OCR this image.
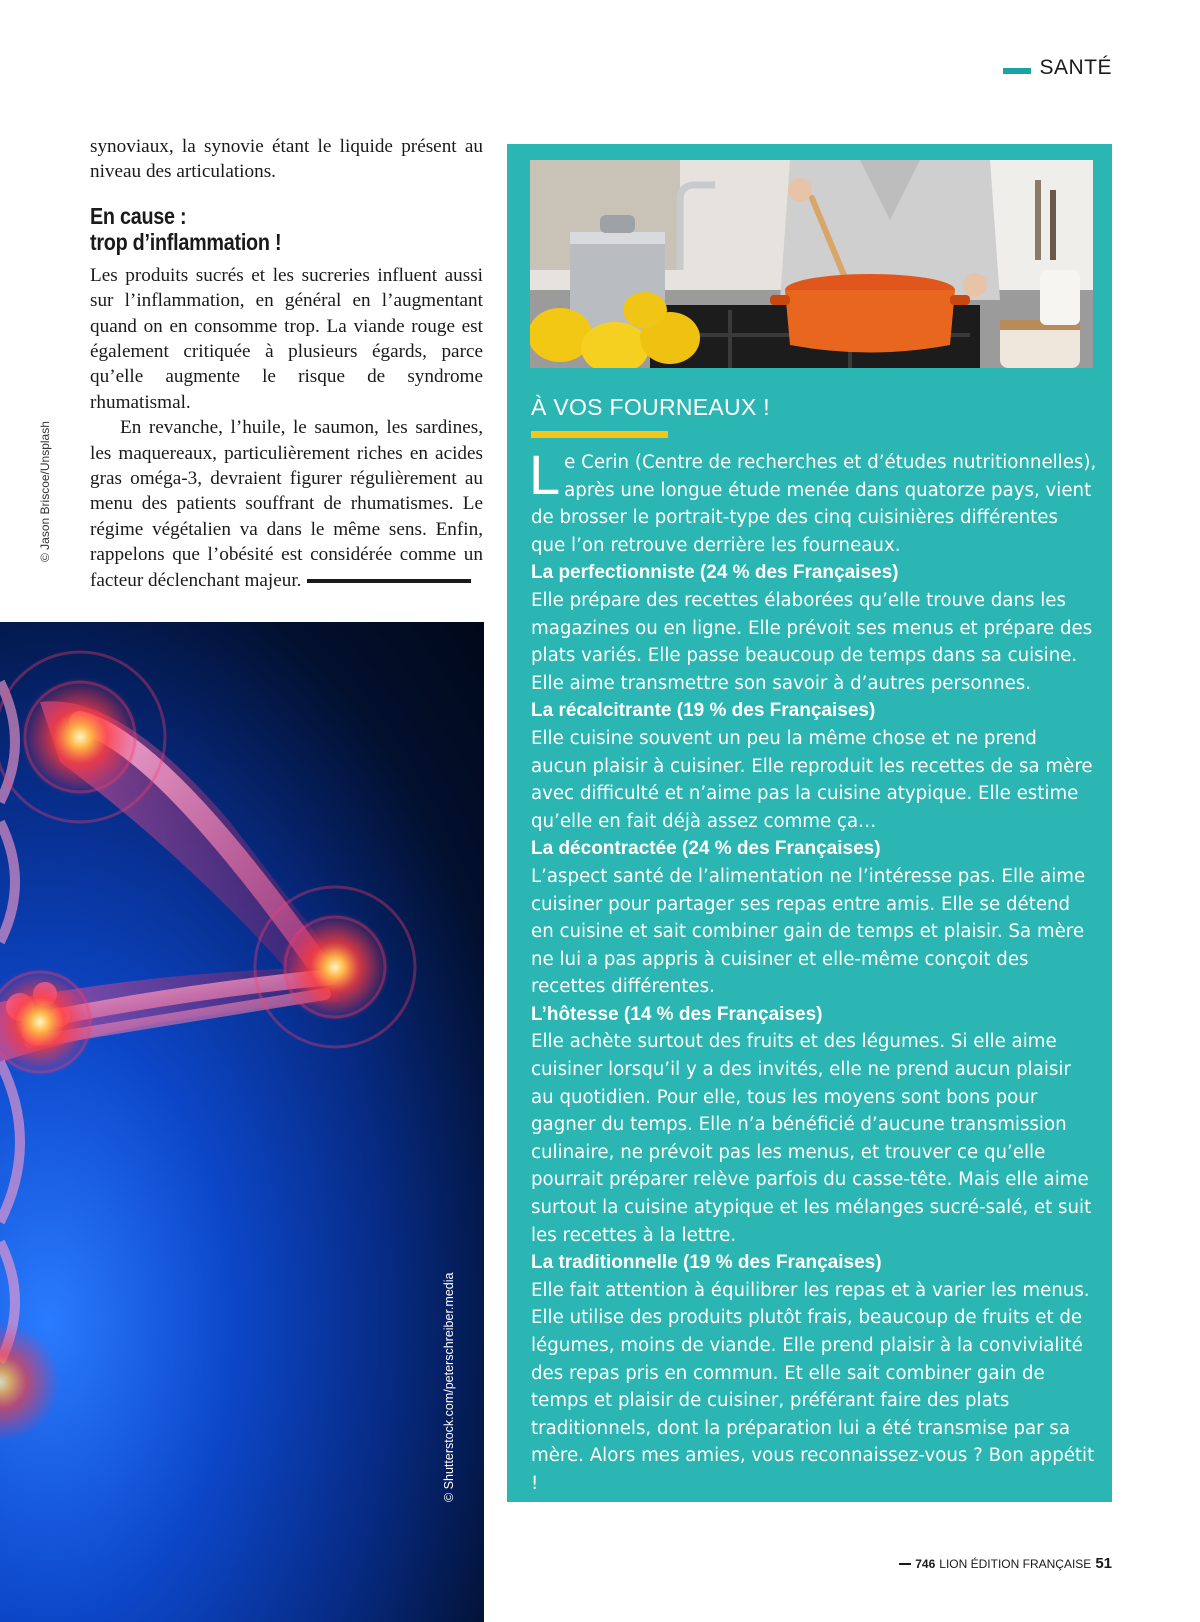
SANTÉ
© Jason Briscoe/Unsplash

synoviaux, la synovie étant le liquide présent au niveau des articulations.

En cause :
trop d’inflammation !

Les produits sucrés et les sucreries influent aussi sur l’inflammation, en général en l’augmentant quand on en consomme trop. La viande rouge est également critiquée à plusieurs égards, parce qu’elle augmente le risque de syndrome rhumatismal.

En revanche, l’huile, le saumon, les sardines, les maquereaux, particulièrement riches en acides gras oméga-3, devraient figurer régulièrement au menu des patients souffrant de rhumatismes. Le régime végétalien va dans le même sens. Enfin, rappelons que l’obésité est considérée comme un facteur déclenchant majeur.

© Shutterstock.com/peterschreiber.media
À VOS FOURNEAUX !
L e Cerin (Centre de recherches et d’études nutritionnelles), après une longue étude menée dans quatorze pays, vient de brosser le portrait-type des cinq cuisinières différentes que l’on retrouve derrière les fourneaux.
La perfectionniste (24 % des Françaises)
Elle prépare des recettes élaborées qu’elle trouve dans les magazines ou en ligne. Elle prévoit ses menus et prépare des plats variés. Elle passe beaucoup de temps dans sa cuisine. Elle aime transmettre son savoir à d’autres personnes.
La récalcitrante (19 % des Françaises)
Elle cuisine souvent un peu la même chose et ne prend aucun plaisir à cuisiner. Elle reproduit les recettes de sa mère avec difficulté et n’aime pas la cuisine atypique. Elle estime qu’elle en fait déjà assez comme ça…
La décontractée (24 % des Françaises)
L’aspect santé de l’alimentation ne l’intéresse pas. Elle aime cuisiner pour partager ses repas entre amis. Elle se détend en cuisine et sait combiner gain de temps et plaisir. Sa mère ne lui a pas appris à cuisiner et elle-même conçoit des recettes différentes.
L’hôtesse (14 % des Françaises)
Elle achète surtout des fruits et des légumes. Si elle aime cuisiner lorsqu’il y a des invités, elle ne prend aucun plaisir au quotidien. Pour elle, tous les moyens sont bons pour gagner du temps. Elle n’a bénéficié d’aucune transmission culinaire, ne prévoit pas les menus, et trouver ce qu’elle pourrait préparer relève parfois du casse-tête. Mais elle aime surtout la cuisine atypique et les mélanges sucré-salé, et suit les recettes à la lettre.
La traditionnelle (19 % des Françaises)
Elle fait attention à équilibrer les repas et à varier les menus. Elle utilise des produits plutôt frais, beaucoup de fruits et de légumes, moins de viande. Elle prend plaisir à la convivialité des repas pris en commun. Et elle sait combiner gain de temps et plaisir de cuisiner, préférant faire des plats traditionnels, dont la préparation lui a été transmise par sa mère. Alors mes amies, vous reconnaissez-vous ? Bon appétit !
746 LION ÉDITION FRANÇAISE 51
